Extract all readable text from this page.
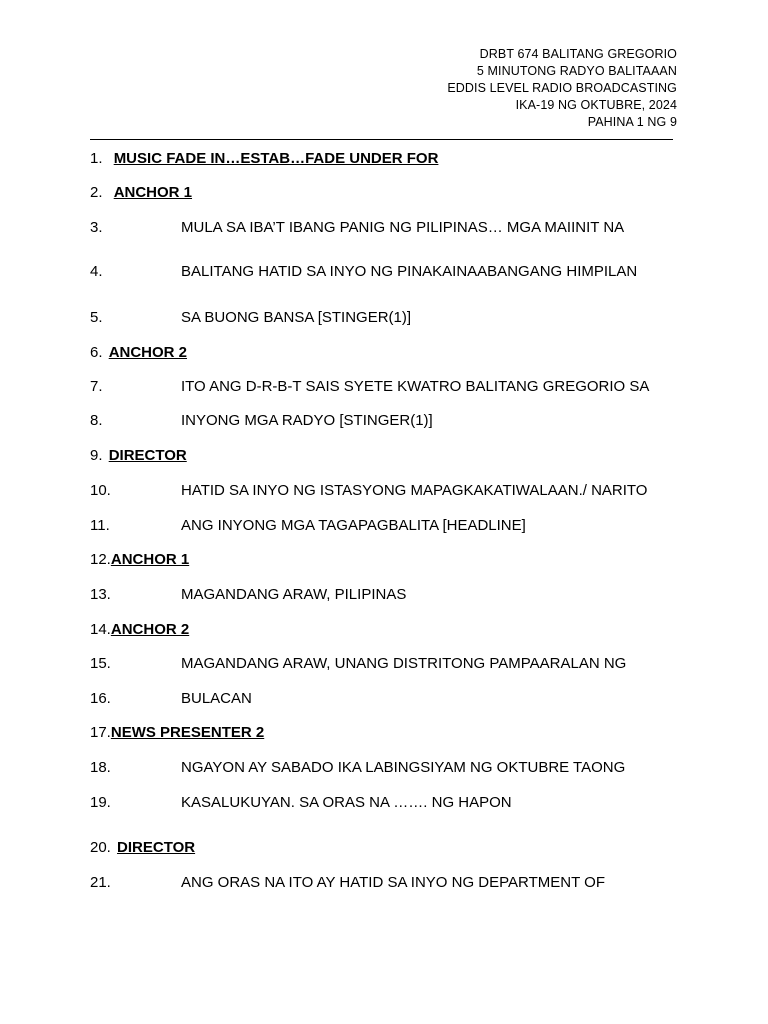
DRBT 674 BALITANG GREGORIO
5 MINUTONG RADYO BALITAAAN
EDDIS LEVEL RADIO BROADCASTING
IKA-19 NG OKTUBRE, 2024
PAHINA 1 NG 9
1. MUSIC FADE IN…ESTAB…FADE UNDER FOR
2. ANCHOR 1
3.	MULA SA IBA’T IBANG PANIG NG PILIPINAS… MGA MAIINIT NA
4.	BALITANG HATID SA INYO NG PINAKAINAABANGANG HIMPILAN
5.	SA BUONG BANSA [STINGER(1)]
6. ANCHOR 2
7.	ITO ANG D-R-B-T SAIS SYETE KWATRO BALITANG GREGORIO SA
8.	INYONG MGA RADYO [STINGER(1)]
9. DIRECTOR
10.	HATID SA INYO NG ISTASYONG MAPAGKAKATIWALAAN./ NARITO
11.	ANG INYONG MGA TAGAPAGBALITA [HEADLINE]
12.ANCHOR 1
13.	MAGANDANG ARAW, PILIPINAS
14.ANCHOR 2
15.	MAGANDANG ARAW, UNANG DISTRITONG PAMPAARALAN NG
16.	BULACAN
17.NEWS PRESENTER 2
18.	NGAYON AY SABADO IKA LABINGSIYAM NG OKTUBRE TAONG
19.	KASALUKUYAN. SA ORAS NA ……. NG HAPON
20. DIRECTOR
21.	ANG ORAS NA ITO AY HATID SA INYO NG DEPARTMENT OF
